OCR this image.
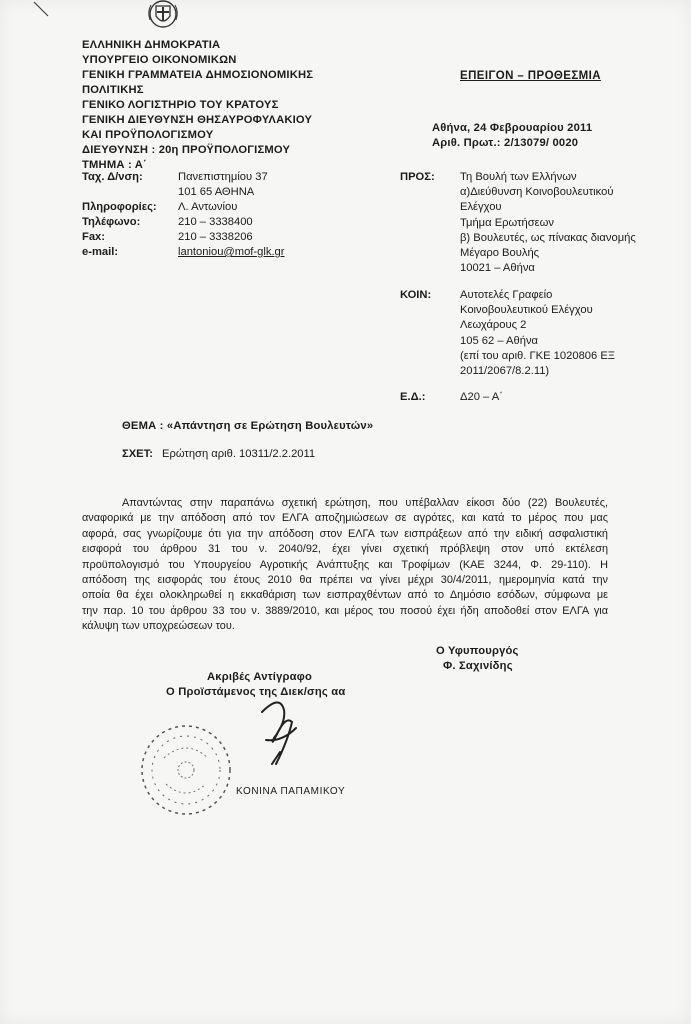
ΕΛΛΗΝΙΚΗ ΔΗΜΟΚΡΑΤΙΑ
ΥΠΟΥΡΓΕΙΟ ΟΙΚΟΝΟΜΙΚΩΝ
ΓΕΝΙΚΗ ΓΡΑΜΜΑΤΕΙΑ ΔΗΜΟΣΙΟΝΟΜΙΚΗΣ
ΠΟΛΙΤΙΚΗΣ
ΓΕΝΙΚΟ ΛΟΓΙΣΤΗΡΙΟ ΤΟΥ ΚΡΑΤΟΥΣ
ΓΕΝΙΚΗ ΔΙΕΥΘΥΝΣΗ ΘΗΣΑΥΡΟΦΥΛΑΚΙΟΥ
ΚΑΙ ΠΡΟΫΠΟΛΟΓΙΣΜΟΥ
ΔΙΕΥΘΥΝΣΗ : 20η ΠΡΟΫΠΟΛΟΓΙΣΜΟΥ
ΤΜΗΜΑ : Α΄
Ταχ. Δ/νση:	Πανεπιστημίου 37
101 65 ΑΘΗΝΑ
Πληροφορίες: Λ. Αντωνίου
Τηλέφωνο:	210 – 3338400
Fax:	210 – 3338206
e-mail:	lantoniou@mof-glk.gr
ΕΠΕΙΓΟΝ – ΠΡΟΘΕΣΜΙΑ
Αθήνα, 24 Φεβρουαρίου 2011
Αριθ. Πρωτ.: 2/13079/ 0020
ΠΡΟΣ: Τη Βουλή των Ελλήνων
α)Διεύθυνση Κοινοβουλευτικού
Ελέγχου
Τμήμα Ερωτήσεων
β) Βουλευτές, ως πίνακας διανομής
Μέγαρο Βουλής
10021 – Αθήνα
ΚΟΙΝ:	Αυτοτελές Γραφείο
Κοινοβουλευτικού Ελέγχου
Λεωχάρους 2
105 62 – Αθήνα
(επί του αριθ. ΓΚΕ 1020806 ΕΞ
2011/2067/8.2.11)
Ε.Δ.:	Δ20 – Α΄
ΘΕΜΑ : «Απάντηση σε Ερώτηση Βουλευτών»
ΣΧΕΤ: Ερώτηση αριθ. 10311/2.2.2011
Απαντώντας στην παραπάνω σχετική ερώτηση, που υπέβαλλαν είκοσι δύο (22) Βουλευτές,
αναφορικά με την απόδοση από τον ΕΛΓΑ αποζημιώσεων σε αγρότες, και κατά το μέρος που μας
αφορά, σας γνωρίζουμε ότι για την απόδοση στον ΕΛΓΑ των εισπράξεων από την ειδική ασφαλιστική
εισφορά του άρθρου 31 του ν. 2040/92, έχει γίνει σχετική πρόβλεψη στον υπό εκτέλεση
προϋπολογισμό του Υπουργείου Αγροτικής Ανάπτυξης και Τροφίμων (ΚΑΕ 3244, Φ. 29-110). Η
απόδοση της εισφοράς του έτους 2010 θα πρέπει να γίνει μέχρι 30/4/2011, ημερομηνία κατά την
οποία θα έχει ολοκληρωθεί η εκκαθάριση των εισπραχθέντων από το Δημόσιο εσόδων, σύμφωνα με
την παρ. 10 του άρθρου 33 του ν. 3889/2010, και μέρος του ποσού έχει ήδη αποδοθεί στον ΕΛΓΑ για
κάλυψη των υποχρεώσεων του.
Ο Υφυπουργός
Φ. Σαχινίδης
Ακριβές Αντίγραφο
Ο Προϊστάμενος της Διεκ/σης αα
ΚΟΝΙΝΑ ΠΑΠΑΜΙΚΟΥ
